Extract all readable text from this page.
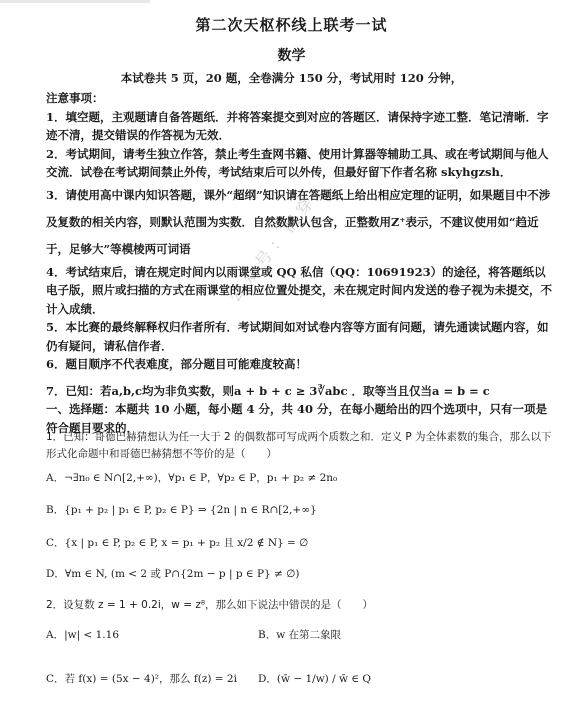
第二次天枢杯线上联考一试
数学
本试卷共 5 页，20 题，全卷满分 150 分，考试用时 120 分钟，

注意事项：

1．填空题，主观题请自备答题纸．并将答案提交到对应的答题区．请保持字迹工整．笔记清晰．字迹不清，提交错误的作答视为无效．

2．考试期间，请考生独立作答，禁止考生查网书籍、使用计算器等辅助工具、或在考试期间与他人交流．试卷在考试期间禁止外传，考试结束后可以外传，但最好留下作者名称 skyhgzsh．

3．请使用高中课内知识答题，课外“超纲”知识请在答题纸上给出相应定理的证明，如果题目中不涉及复数的相关内容，则默认范围为实数．自然数默认包含，正整数用Z⁺表示，不建议使用如“趋近于，足够大”等模棱两可词语

4．考试结束后，请在规定时间内以雨课堂或 QQ 私信（QQ：10691923）的途径，将答题纸以电子版，照片或扫描的方式在雨课堂的相应位置处提交，未在规定时间内发送的卷子视为未提交，不计入成绩．

5．本比赛的最终解释权归作者所有．考试期间如对试卷内容等方面有问题，请先通读试题内容，如仍有疑问，请私信作者．

6．题目顺序不代表难度，部分题目可能难度较高！

7．已知：若a,b,c均为非负实数，则a + b + c ≥ 3∛abc ．取等当且仅当a = b = c

一、选择题：本题共 10 小题，每小题 4 分，共 40 分，在每小题给出的四个选项中，只有一项是符合题目要求的．

1．已知：哥德巴赫猜想认为任一大于 2 的偶数都可写成两个质数之和．定义 P 为全体素数的集合，那么以下形式化命题中和哥德巴赫猜想不等价的是（　　）
A．¬∃n₀ ∈ N∩[2,+∞)，∀p₁ ∈ P，∀p₂ ∈ P，p₁ + p₂ ≠ 2n₀
B．{p₁ + p₂ | p₁ ∈ P, p₂ ∈ P} ⇒ {2n | n ∈ R∩[2,+∞}
C．{x | p₁ ∈ P, p₂ ∈ P, x = p₁ + p₂ 且 x/2 ∉ N} = ∅
D．∀m ∈ N, (m < 2 或 P∩{2m − p | p ∈ P} ≠ ∅)
2．设复数 z = 1 + 0.2i，w = z⁸，那么如下说法中错误的是（　　）
A．|w| < 1.16	B．w 在第二象限
C．若 f(x) = (5x − 4)²，那么 f(z) = 2i D．(w̄ − 1/w) / w̄ ∈ Q
公众号：洞穿
